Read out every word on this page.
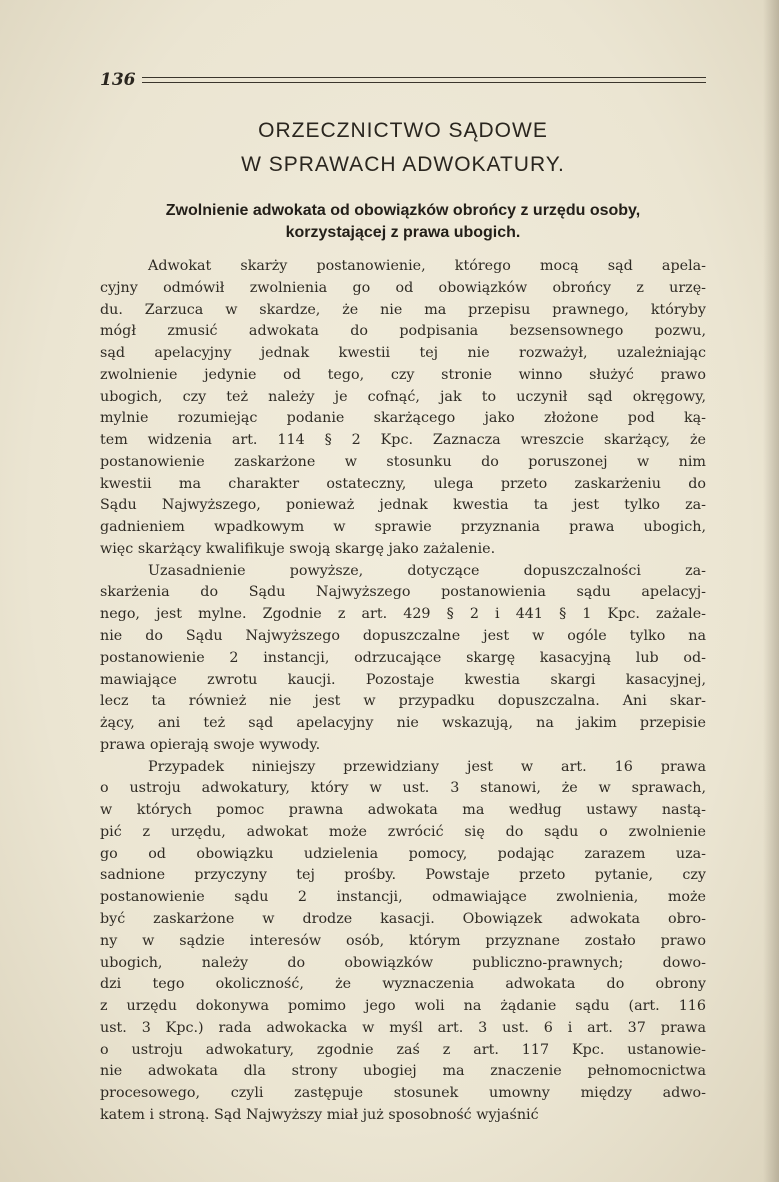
136
ORZECZNICTWO SĄDOWE
W SPRAWACH ADWOKATURY.
Zwolnienie adwokata od obowiązków obrońcy z urzędu osoby,
korzystającej z prawa ubogich.
Adwokat skarży postanowienie, którego mocą sąd apela-
cyjny odmówił zwolnienia go od obowiązków obrońcy z urzę-
du. Zarzuca w skardze, że nie ma przepisu prawnego, któryby
mógł zmusić adwokata do podpisania bezsensownego pozwu,
sąd apelacyjny jednak kwestii tej nie rozważył, uzależniając
zwolnienie jedynie od tego, czy stronie winno służyć prawo
ubogich, czy też należy je cofnąć, jak to uczynił sąd okręgowy,
mylnie rozumiejąc podanie skarżącego jako złożone pod ką-
tem widzenia art. 114 § 2 Kpc. Zaznacza wreszcie skarżący, że
postanowienie zaskarżone w stosunku do poruszonej w nim
kwestii ma charakter ostateczny, ulega przeto zaskarżeniu do
Sądu Najwyższego, ponieważ jednak kwestia ta jest tylko za-
gadnieniem wpadkowym w sprawie przyznania prawa ubogich,
więc skarżący kwalifikuje swoją skargę jako zażalenie.
Uzasadnienie powyższe, dotyczące dopuszczalności za-
skarżenia do Sądu Najwyższego postanowienia sądu apelacyj-
nego, jest mylne. Zgodnie z art. 429 § 2 i 441 § 1 Kpc. zażale-
nie do Sądu Najwyższego dopuszczalne jest w ogóle tylko na
postanowienie 2 instancji, odrzucające skargę kasacyjną lub od-
mawiające zwrotu kaucji. Pozostaje kwestia skargi kasacyjnej,
lecz ta również nie jest w przypadku dopuszczalna. Ani skar-
żący, ani też sąd apelacyjny nie wskazują, na jakim przepisie
prawa opierają swoje wywody.
Przypadek niniejszy przewidziany jest w art. 16 prawa
o ustroju adwokatury, który w ust. 3 stanowi, że w sprawach,
w których pomoc prawna adwokata ma według ustawy nastą-
pić z urzędu, adwokat może zwrócić się do sądu o zwolnienie
go od obowiązku udzielenia pomocy, podając zarazem uza-
sadnione przyczyny tej prośby. Powstaje przeto pytanie, czy
postanowienie sądu 2 instancji, odmawiające zwolnienia, może
być zaskarżone w drodze kasacji. Obowiązek adwokata obro-
ny w sądzie interesów osób, którym przyznane zostało prawo
ubogich, należy do obowiązków publiczno-prawnych; dowo-
dzi tego okoliczność, że wyznaczenia adwokata do obrony
z urzędu dokonywa pomimo jego woli na żądanie sądu (art. 116
ust. 3 Kpc.) rada adwokacka w myśl art. 3 ust. 6 i art. 37 prawa
o ustroju adwokatury, zgodnie zaś z art. 117 Kpc. ustanowie-
nie adwokata dla strony ubogiej ma znaczenie pełnomocnictwa
procesowego, czyli zastępuje stosunek umowny między adwo-
katem i stroną. Sąd Najwyższy miał już sposobność wyjaśnić
